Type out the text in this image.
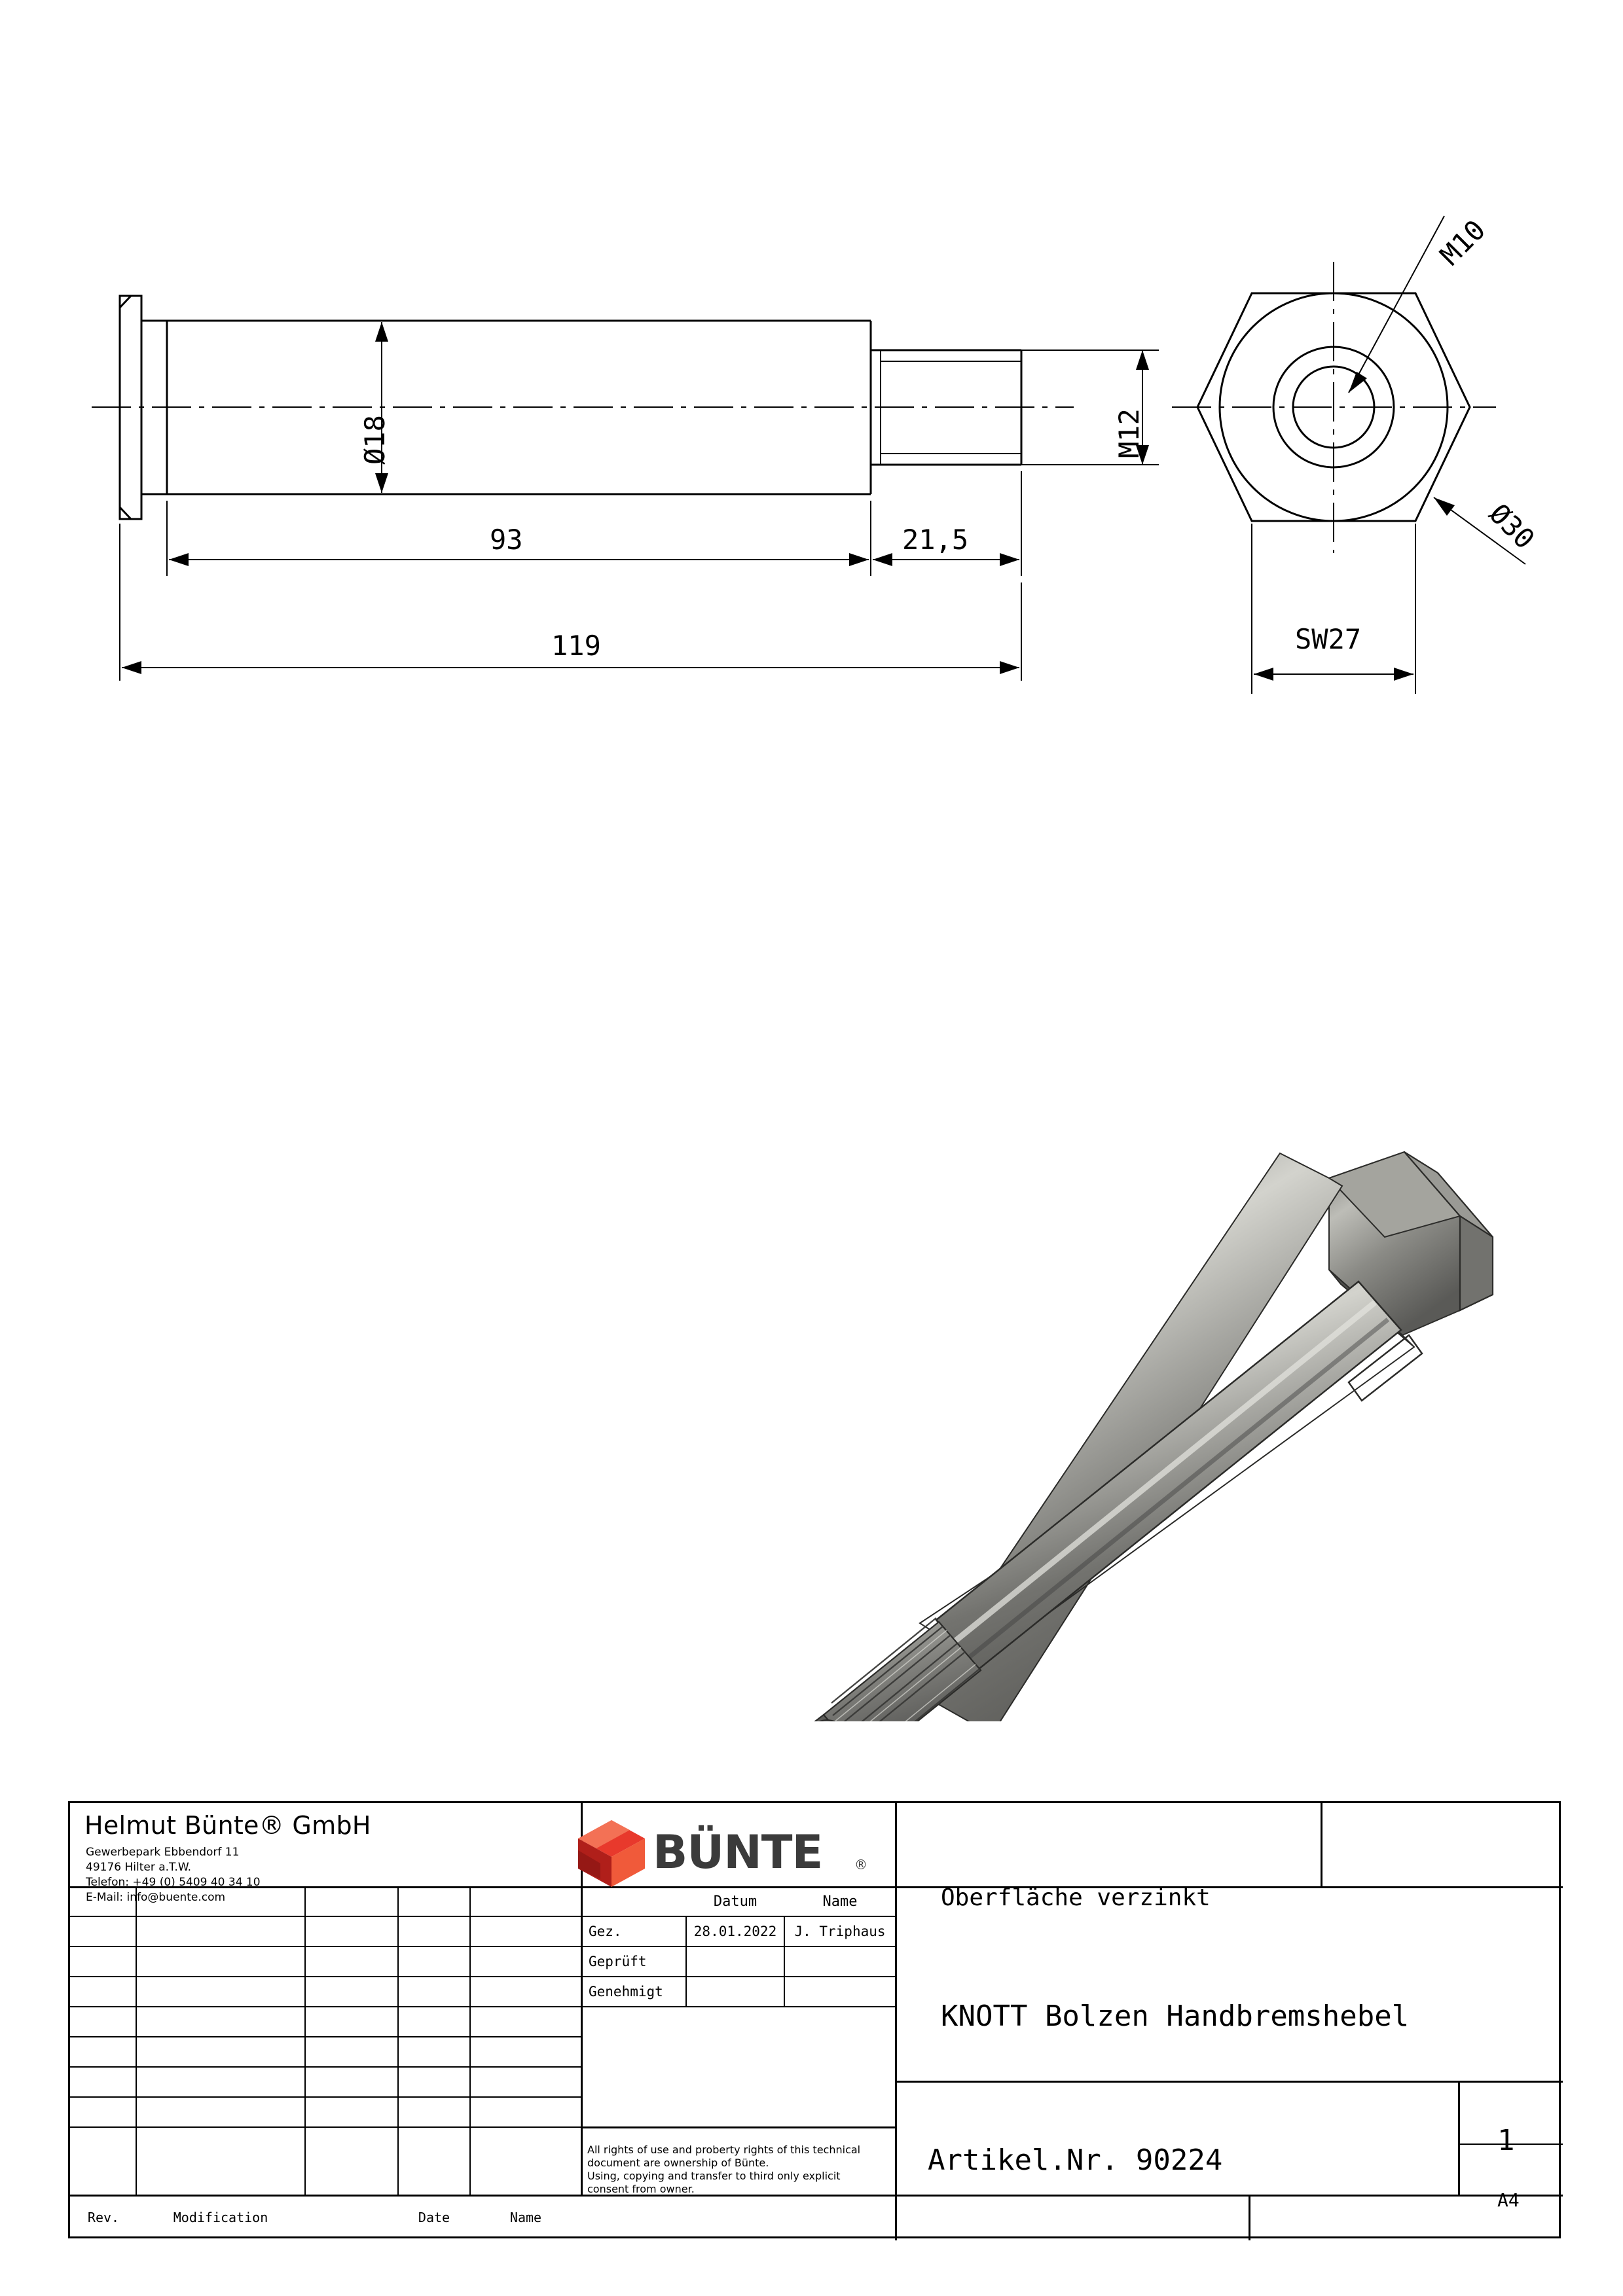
Ø18	M12
93	21,5
119
M10
Ø30
SW27
Helmut Bünte® GmbH
Gewerbepark Ebbendorf 11
49176 Hilter a.T.W.
Telefon: +49 (0) 5409 40 34 10
E-Mail: info@buente.com
BÜNTE ®
Datum	Name
Gez.	28.01.2022	J. Triphaus
Geprüft
Genehmigt
All rights of use and proberty rights of this technical
document are ownership of Bünte.
Using, copying and transfer to third only explicit
consent from owner.
Oberfläche verzinkt
KNOTT Bolzen Handbremshebel
Artikel.Nr. 90224
1
A4
Rev.	Modification	Date	Name
